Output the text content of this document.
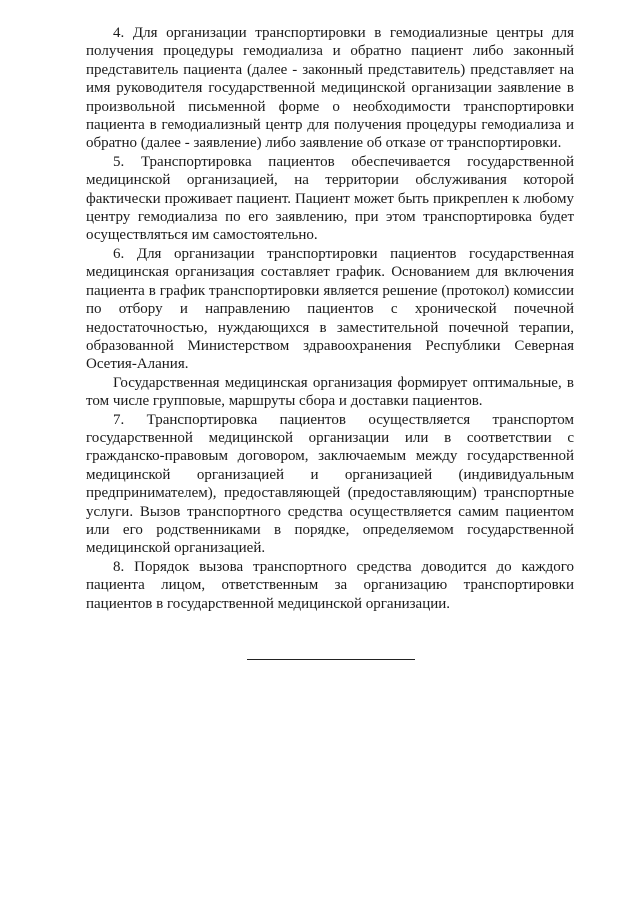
4. Для организации транспортировки в гемодиализные центры для получения процедуры гемодиализа и обратно пациент либо законный представитель пациента (далее - законный представитель) представляет на имя руководителя государственной медицинской организации заявление в произвольной письменной форме о необходимости транспортировки пациента в гемодиализный центр для получения процедуры гемодиализа и обратно (далее - заявление) либо заявление об отказе от транспортировки.

5. Транспортировка пациентов обеспечивается государственной медицинской организацией, на территории обслуживания которой фактически проживает пациент. Пациент может быть прикреплен к любому центру гемодиализа по его заявлению, при этом транспортировка будет осуществляться им самостоятельно.

6. Для организации транспортировки пациентов государственная медицинская организация составляет график. Основанием для включения пациента в график транспортировки является решение (протокол) комиссии по отбору и направлению пациентов с хронической почечной недостаточностью, нуждающихся в заместительной почечной терапии, образованной Министерством здравоохранения Республики Северная Осетия-Алания.

Государственная медицинская организация формирует оптимальные, в том числе групповые, маршруты сбора и доставки пациентов.

7. Транспортировка пациентов осуществляется транспортом государственной медицинской организации или в соответствии с гражданско-правовым договором, заключаемым между государственной медицинской организацией и организацией (индивидуальным предпринимателем), предоставляющей (предоставляющим) транспортные услуги. Вызов транспортного средства осуществляется самим пациентом или его родственниками в порядке, определяемом государственной медицинской организацией.

8. Порядок вызова транспортного средства доводится до каждого пациента лицом, ответственным за организацию транспортировки пациентов в государственной медицинской организации.
